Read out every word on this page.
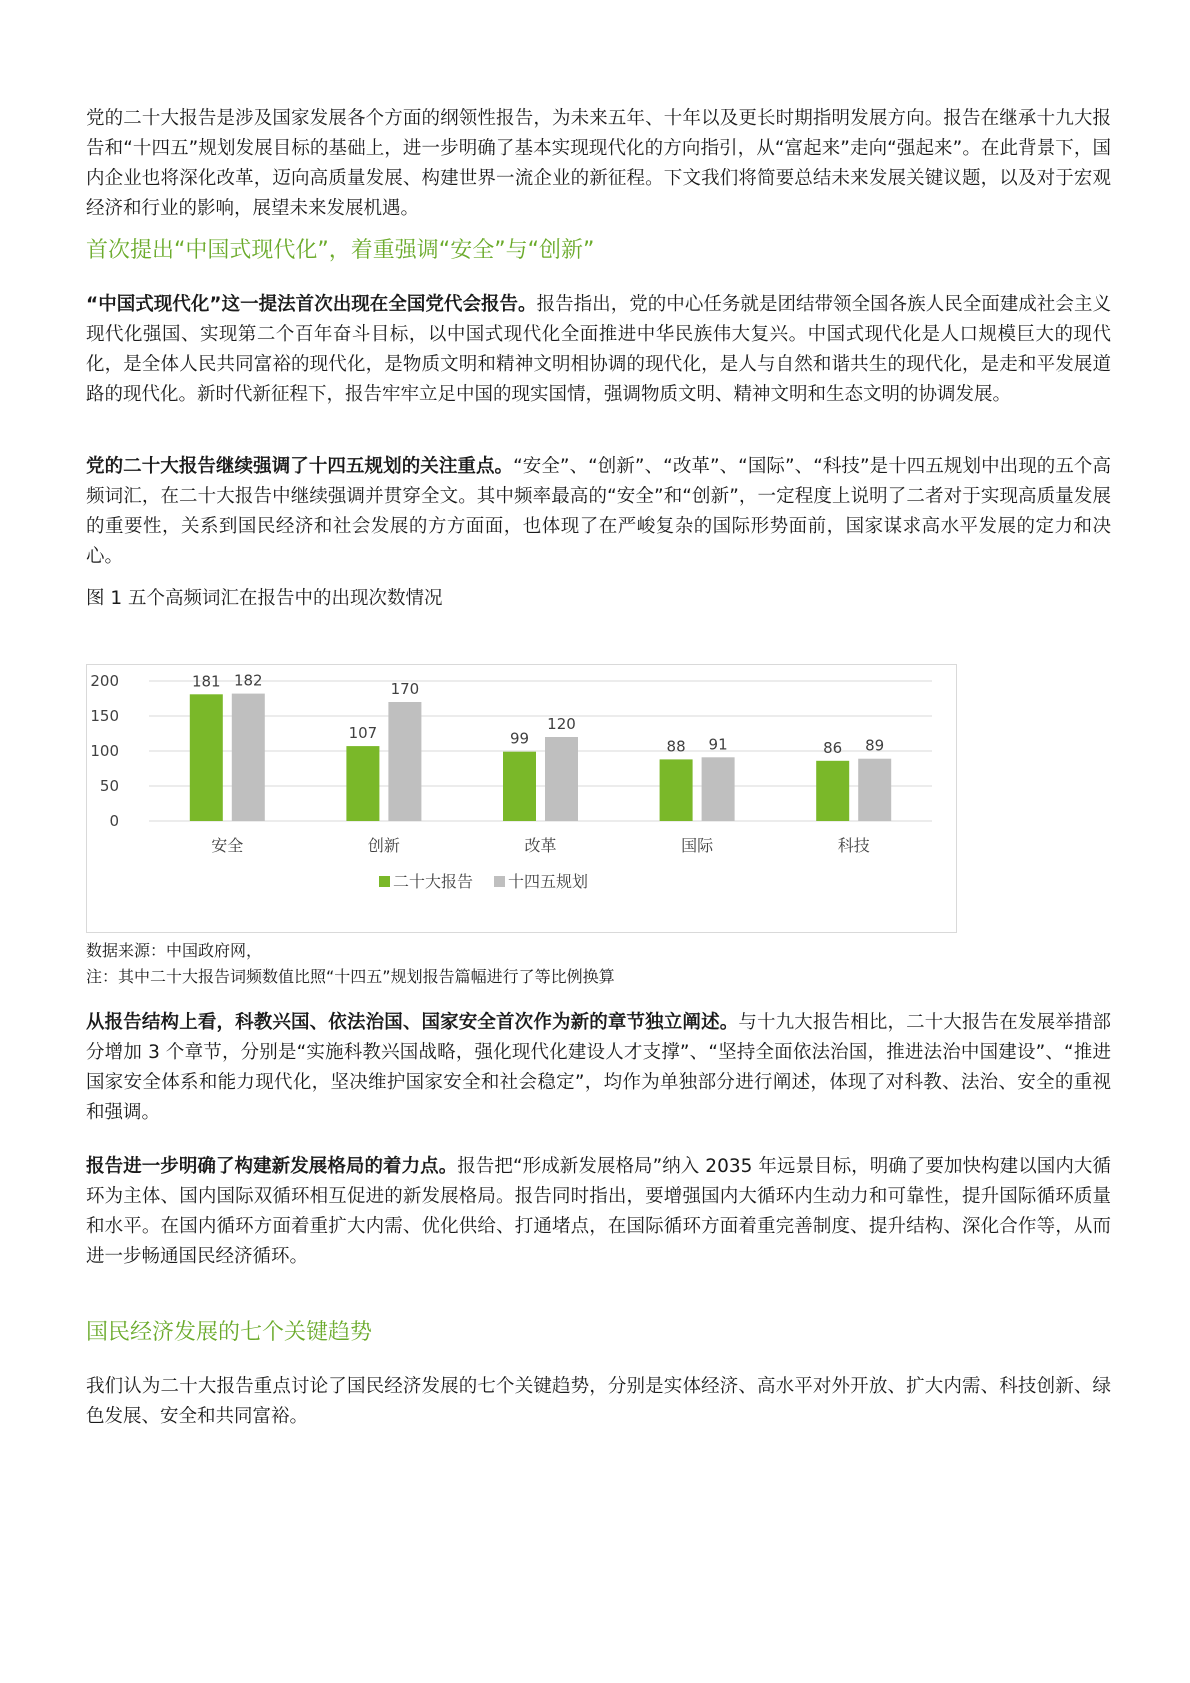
党的二十大报告是涉及国家发展各个方面的纲领性报告，为未来五年、十年以及更长时期指明发展方向。报告在继承十九大报告和“十四五”规划发展目标的基础上，进一步明确了基本实现现代化的方向指引，从“富起来”走向“强起来”。在此背景下，国内企业也将深化改革，迈向高质量发展、构建世界一流企业的新征程。下文我们将简要总结未来发展关键议题，以及对于宏观经济和行业的影响，展望未来发展机遇。

首次提出“中国式现代化”，着重强调“安全”与“创新”

“中国式现代化”这一提法首次出现在全国党代会报告。报告指出，党的中心任务就是团结带领全国各族人民全面建成社会主义现代化强国、实现第二个百年奋斗目标，以中国式现代化全面推进中华民族伟大复兴。中国式现代化是人口规模巨大的现代化，是全体人民共同富裕的现代化，是物质文明和精神文明相协调的现代化，是人与自然和谐共生的现代化，是走和平发展道路的现代化。新时代新征程下，报告牢牢立足中国的现实国情，强调物质文明、精神文明和生态文明的协调发展。

党的二十大报告继续强调了十四五规划的关注重点。“安全”、“创新”、“改革”、“国际”、“科技”是十四五规划中出现的五个高频词汇，在二十大报告中继续强调并贯穿全文。其中频率最高的“安全”和“创新”，一定程度上说明了二者对于实现高质量发展的重要性，关系到国民经济和社会发展的方方面面，也体现了在严峻复杂的国际形势面前，国家谋求高水平发展的定力和决心。

图 1 五个高频词汇在报告中的出现次数情况

0
50
100
150
200	181 182
安全
107
170
创新
99
120
改革
88 91
国际
86 89
科技
二十大报告 十四五规划

数据来源：中国政府网，

注：其中二十大报告词频数值比照“十四五”规划报告篇幅进行了等比例换算

从报告结构上看，科教兴国、依法治国、国家安全首次作为新的章节独立阐述。与十九大报告相比，二十大报告在发展举措部分增加 3 个章节，分别是“实施科教兴国战略，强化现代化建设人才支撑”、“坚持全面依法治国，推进法治中国建设”、“推进国家安全体系和能力现代化，坚决维护国家安全和社会稳定”，均作为单独部分进行阐述，体现了对科教、法治、安全的重视和强调。

报告进一步明确了构建新发展格局的着力点。报告把“形成新发展格局”纳入 2035 年远景目标，明确了要加快构建以国内大循环为主体、国内国际双循环相互促进的新发展格局。报告同时指出，要增强国内大循环内生动力和可靠性，提升国际循环质量和水平。在国内循环方面着重扩大内需、优化供给、打通堵点，在国际循环方面着重完善制度、提升结构、深化合作等，从而进一步畅通国民经济循环。

国民经济发展的七个关键趋势

我们认为二十大报告重点讨论了国民经济发展的七个关键趋势，分别是实体经济、高水平对外开放、扩大内需、科技创新、绿色发展、安全和共同富裕。
